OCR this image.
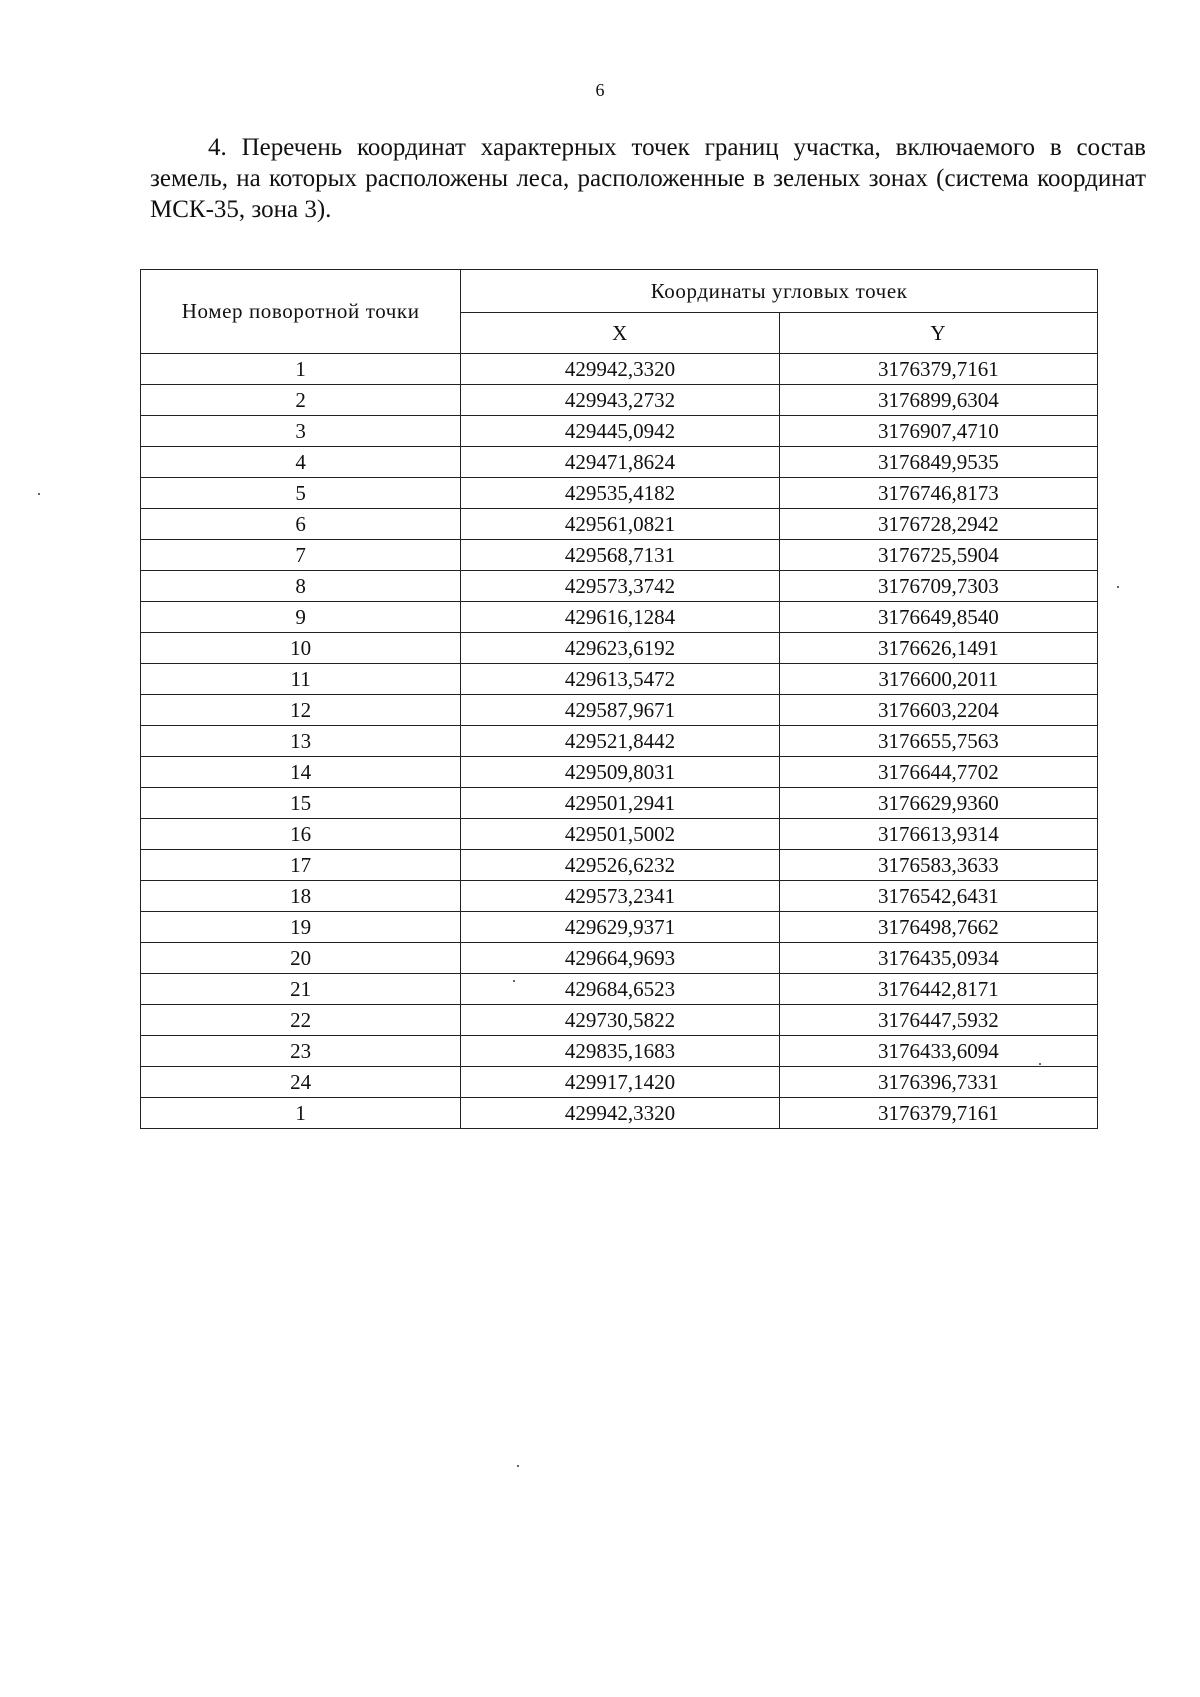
6

4. Перечень координат характерных точек границ участка, включаемого в состав земель, на которых расположены леса, расположенные в зеленых зонах (система координат МСК-35, зона 3).

Номер поворотной точки	Координаты угловых точек	
	X	Y
1	429942,3320	3176379,7161
2	429943,2732	3176899,6304
3	429445,0942	3176907,4710
4	429471,8624	3176849,9535
5	429535,4182	3176746,8173
6	429561,0821	3176728,2942
7	429568,7131	3176725,5904
8	429573,3742	3176709,7303
9	429616,1284	3176649,8540
10	429623,6192	3176626,1491
11	429613,5472	3176600,2011
12	429587,9671	3176603,2204
13	429521,8442	3176655,7563
14	429509,8031	3176644,7702
15	429501,2941	3176629,9360
16	429501,5002	3176613,9314
17	429526,6232	3176583,3633
18	429573,2341	3176542,6431
19	429629,9371	3176498,7662
20	429664,9693	3176435,0934
21	429684,6523	3176442,8171
22	429730,5822	3176447,5932
23	429835,1683	3176433,6094
24	429917,1420	3176396,7331
1	429942,3320	3176379,7161
